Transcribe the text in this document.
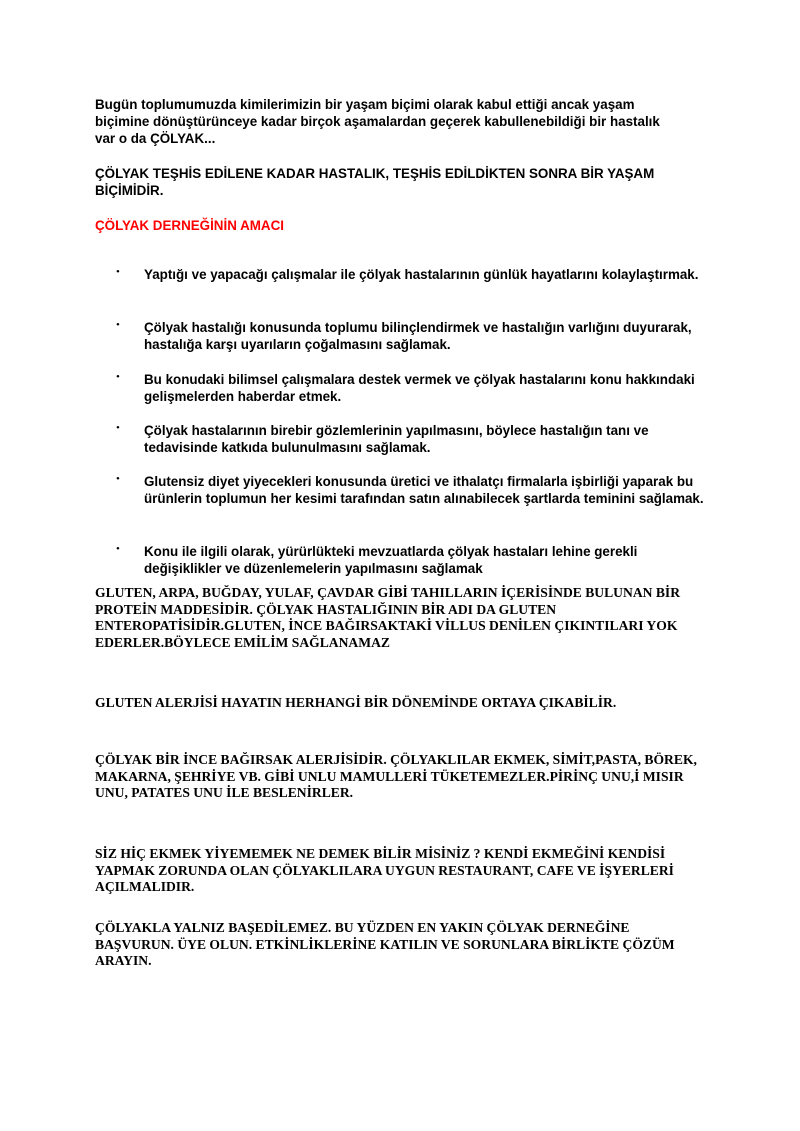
Bugün toplumumuzda kimilerimizin bir yaşam biçimi olarak kabul ettiği ancak yaşam biçimine dönüştürünceye kadar birçok aşamalardan geçerek kabullenebildiği bir hastalık var o da ÇÖLYAK...

ÇÖLYAK TEŞHİS EDİLENE KADAR HASTALIK, TEŞHİS EDİLDİKTEN SONRA BİR YAŞAM BİÇİMİDİR.

ÇÖLYAK DERNEĞİNİN AMACI

• Yaptığı ve yapacağı çalışmalar ile çölyak hastalarının günlük hayatlarını kolaylaştırmak.
• Çölyak hastalığı konusunda toplumu bilinçlendirmek ve hastalığın varlığını duyurarak, hastalığa karşı uyarıların çoğalmasını sağlamak.
• Bu konudaki bilimsel çalışmalara destek vermek ve çölyak hastalarını konu hakkındaki gelişmelerden haberdar etmek.
• Çölyak hastalarının birebir gözlemlerinin yapılmasını, böylece hastalığın tanı ve tedavisinde katkıda bulunulmasını sağlamak.
• Glutensiz diyet yiyecekleri konusunda üretici ve ithalatçı firmalarla işbirliği yaparak bu ürünlerin toplumun her kesimi tarafından satın alınabilecek şartlarda teminini sağlamak.
• Konu ile ilgili olarak, yürürlükteki mevzuatlarda çölyak hastaları lehine gerekli değişiklikler ve düzenlemelerin yapılmasını sağlamak

GLUTEN, ARPA, BUĞDAY, YULAF, ÇAVDAR GİBİ TAHILLARIN İÇERİSİNDE BULUNAN BİR PROTEİN MADDESİDİR. ÇÖLYAK HASTALIĞININ BİR ADI DA GLUTEN ENTEROPATİSİDİR.GLUTEN, İNCE BAĞIRSAKTAKİ VİLLUS DENİLEN ÇIKINTILARI YOK EDERLER.BÖYLECE EMİLİM SAĞLANAMAZ

GLUTEN ALERJİSİ HAYATIN HERHANGİ BİR DÖNEMİNDE ORTAYA ÇIKABİLİR.

ÇÖLYAK BİR İNCE BAĞIRSAK ALERJİSİDİR. ÇÖLYAKLILAR EKMEK, SİMİT,PASTA, BÖREK, MAKARNA, ŞEHRİYE VB. GİBİ UNLU MAMULLERİ TÜKETEMEZLER.PİRİNÇ UNU,İ MISIR UNU, PATATES UNU İLE BESLENİRLER.

SİZ HİÇ EKMEK YİYEMEMEK NE DEMEK BİLİR MİSİNİZ ? KENDİ EKMEĞİNİ KENDİSİ YAPMAK ZORUNDA OLAN ÇÖLYAKLILARA UYGUN RESTAURANT, CAFE VE İŞYERLERİ AÇILMALIDIR.

ÇÖLYAKLA YALNIZ BAŞEDİLEMEZ. BU YÜZDEN EN YAKIN ÇÖLYAK DERNEĞİNE BAŞVURUN. ÜYE OLUN. ETKİNLİKLERİNE KATILIN VE SORUNLARA BİRLİKTE ÇÖZÜM ARAYIN.
